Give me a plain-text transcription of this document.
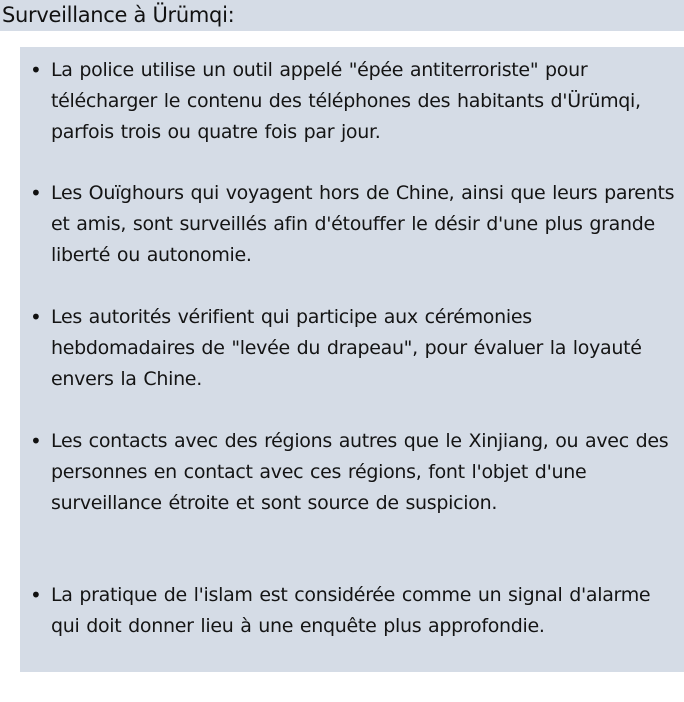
Surveillance à Ürümqi:
• La police utilise un outil appelé "épée antiterroriste" pour télécharger le contenu des téléphones des habitants d'Ürümqi, parfois trois ou quatre fois par jour.
• Les Ouïghours qui voyagent hors de Chine, ainsi que leurs parents et amis, sont surveillés afin d'étouffer le désir d'une plus grande liberté ou autonomie.
• Les autorités vérifient qui participe aux cérémonies hebdomadaires de "levée du drapeau", pour évaluer la loyauté envers la Chine.
• Les contacts avec des régions autres que le Xinjiang, ou avec des personnes en contact avec ces régions, font l'objet d'une surveillance étroite et sont source de suspicion.
• La pratique de l'islam est considérée comme un signal d'alarme qui doit donner lieu à une enquête plus approfondie.
